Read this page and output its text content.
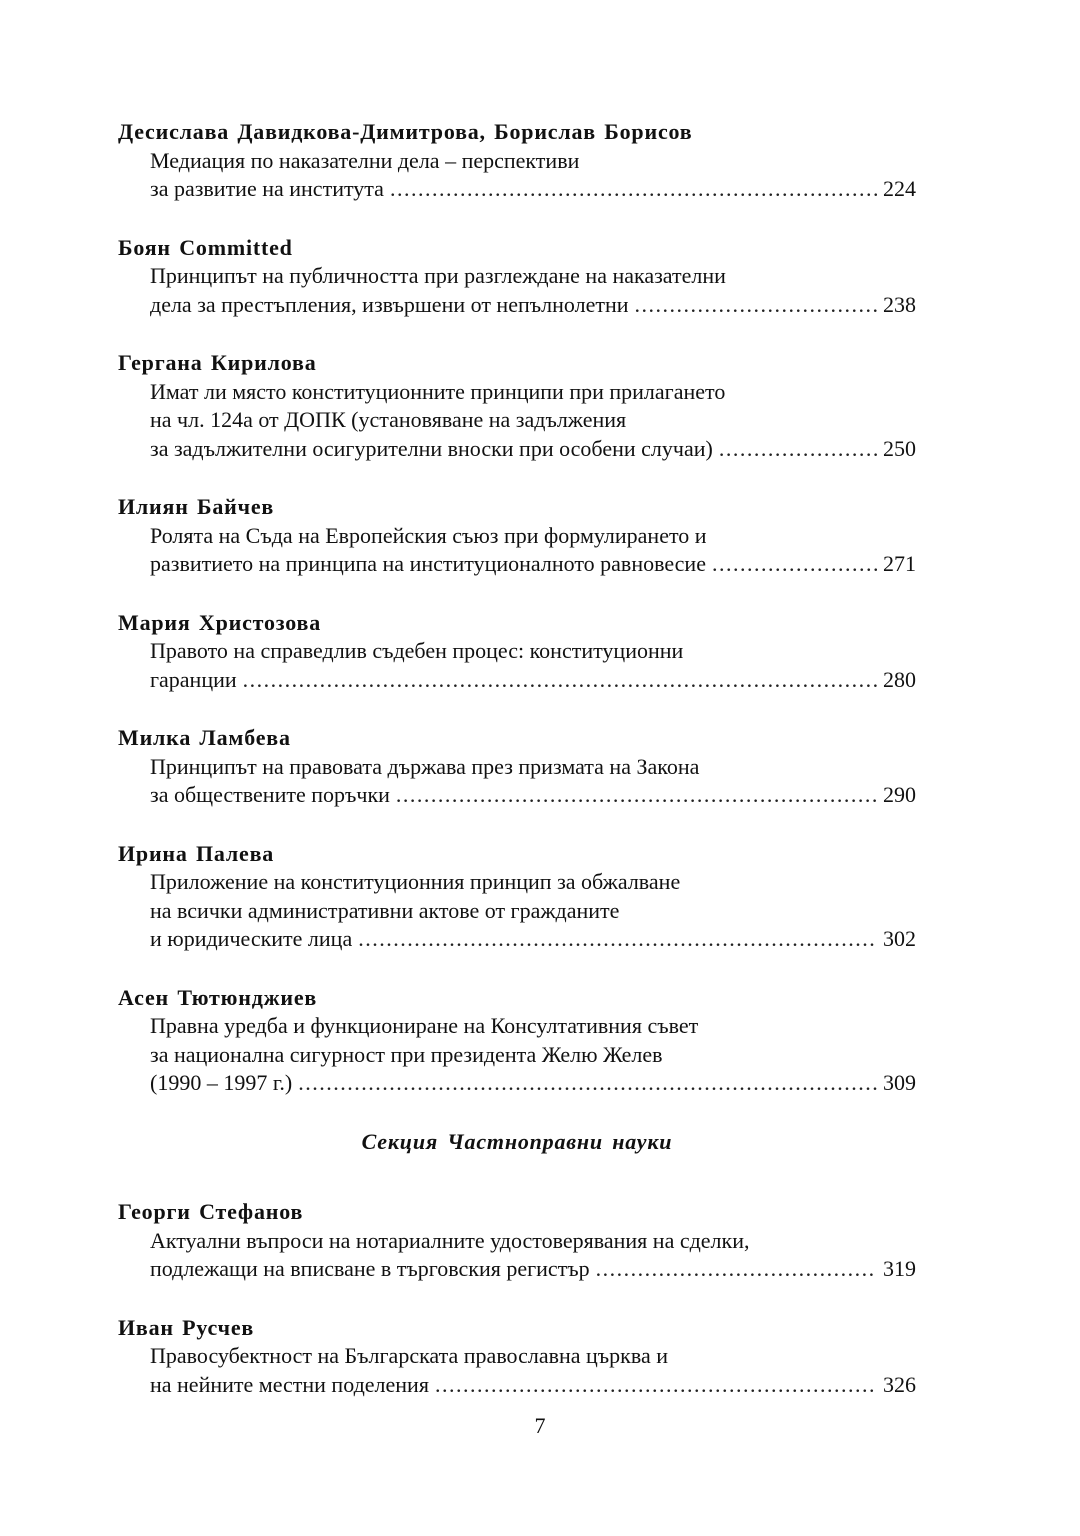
Десислава Давидкова-Димитрова, Борислав Борисов
Медиация по наказателни дела – перспективи
за развитие на института .....	224
Боян Committed
Принципът на публичността при разглеждане на наказателни
дела за престъпления, извършени от непълнолетни .....	238
Гергана Кирилова
Имат ли място конституционните принципи при прилагането
на чл. 124а от ДОПК (установяване на задължения
за задължителни осигурителни вноски при особени случаи) .....	250
Илиян Байчев
Ролята на Съда на Европейския съюз при формулирането и
развитието на принципа на институционалното равновесие .....	271
Мария Христозова
Правото на справедлив съдебен процес: конституционни
гаранции .....	280
Милка Ламбева
Принципът на правовата държава през призмата на Закона
за обществените поръчки .....	290
Ирина Палева
Приложение на конституционния принцип за обжалване
на всички административни актове от гражданите
и юридическите лица .....	302
Асен Тютюнджиев
Правна уредба и функциониране на Консултативния съвет
за национална сигурност при президента Желю Желев
(1990 – 1997 г.) .....	309
Секция Частноправни науки
Георги Стефанов
Актуални въпроси на нотариалните удостоверявания на сделки,
подлежащи на вписване в търговския регистър .....	319
Иван Русчев
Правосубектност на Българската православна църква и
на нейните местни поделения .....	326
7
